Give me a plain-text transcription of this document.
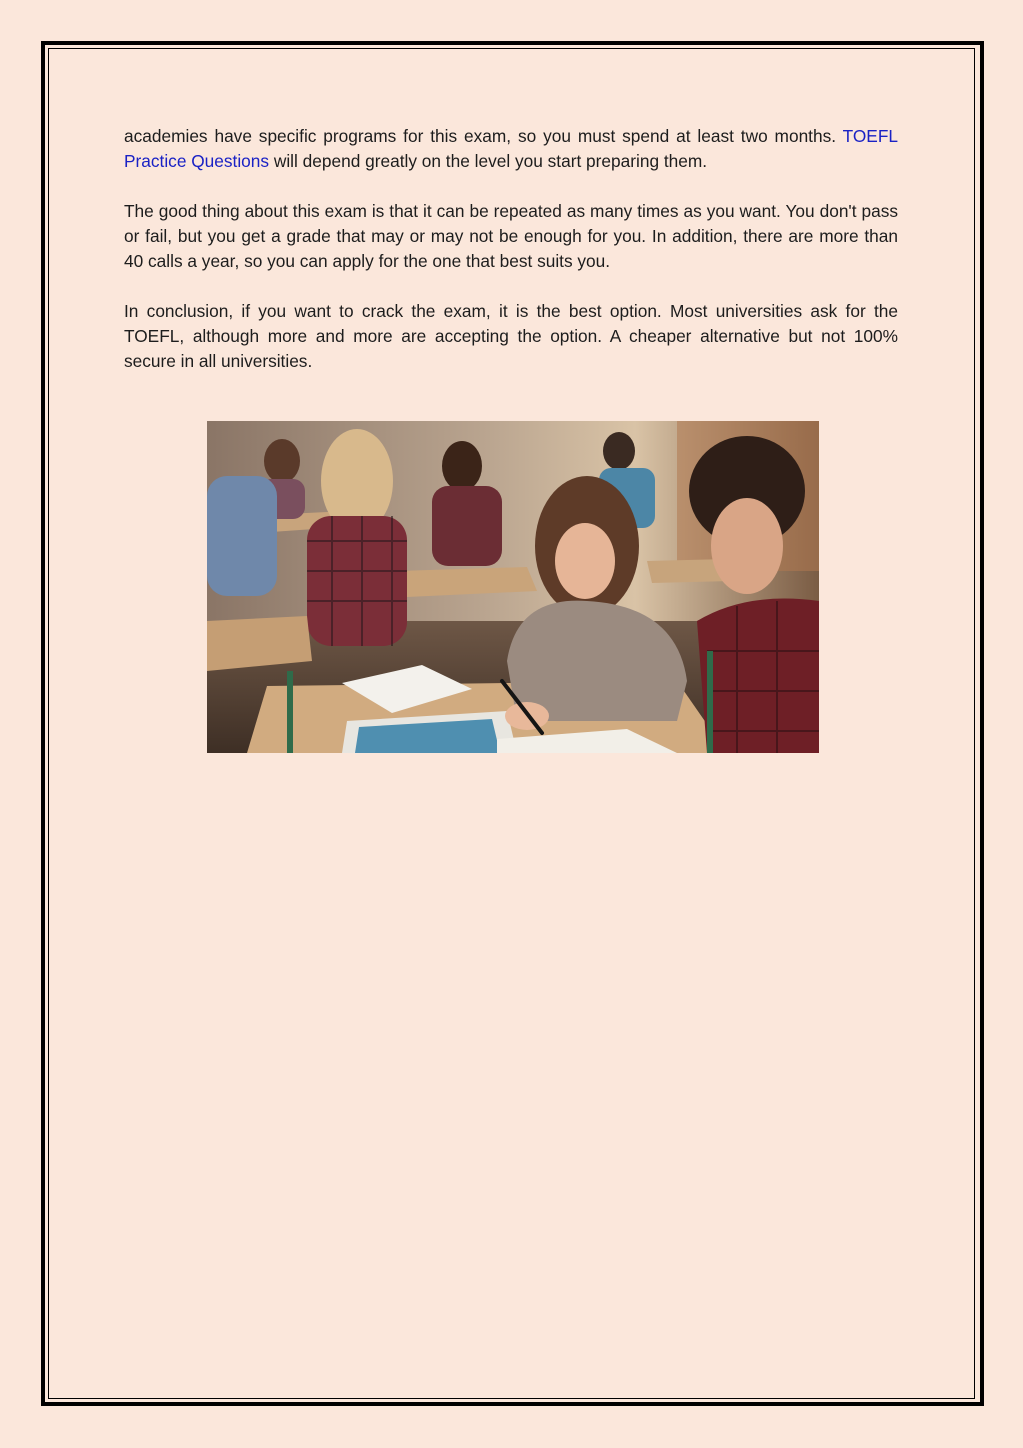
academies have specific programs for this exam, so you must spend at least two months. TOEFL Practice Questions will depend greatly on the level you start preparing them.

The good thing about this exam is that it can be repeated as many times as you want. You don't pass or fail, but you get a grade that may or may not be enough for you. In addition, there are more than 40 calls a year, so you can apply for the one that best suits you.

In conclusion, if you want to crack the exam, it is the best option. Most universities ask for the TOEFL, although more and more are accepting the option. A cheaper alternative but not 100% secure in all universities.
